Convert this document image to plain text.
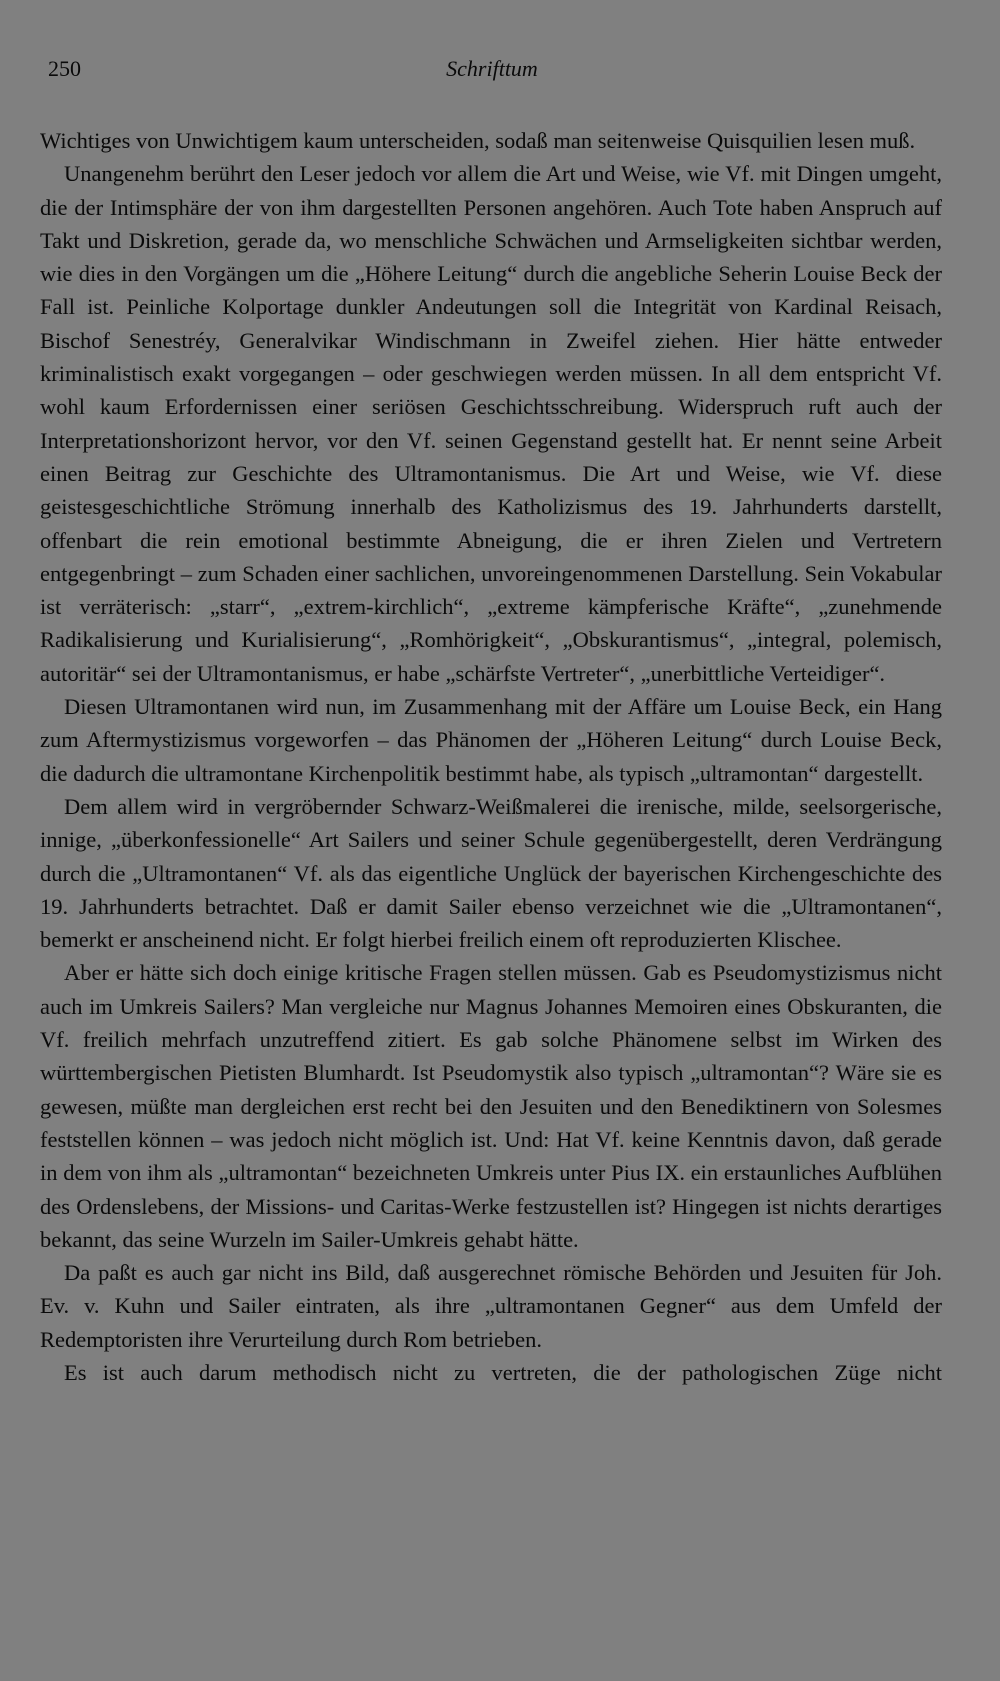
250	Schrifttum

Wichtiges von Unwichtigem kaum unterscheiden, sodaß man seitenweise Quisquilien lesen muß.

Unangenehm berührt den Leser jedoch vor allem die Art und Weise, wie Vf. mit Dingen umgeht, die der Intimsphäre der von ihm dargestellten Personen angehören. Auch Tote haben Anspruch auf Takt und Diskretion, gerade da, wo menschliche Schwächen und Armseligkeiten sichtbar werden, wie dies in den Vorgängen um die „Höhere Leitung“ durch die angebliche Seherin Louise Beck der Fall ist. Peinliche Kolportage dunkler Andeutungen soll die Integrität von Kardinal Reisach, Bischof Senestréy, Generalvikar Windischmann in Zweifel ziehen. Hier hätte entweder kriminalistisch exakt vorgegangen – oder geschwiegen werden müssen. In all dem entspricht Vf. wohl kaum Erfordernissen einer seriösen Geschichtsschreibung. Widerspruch ruft auch der Interpretationshorizont hervor, vor den Vf. seinen Gegenstand gestellt hat. Er nennt seine Arbeit einen Beitrag zur Geschichte des Ultramontanismus. Die Art und Weise, wie Vf. diese geistesgeschichtliche Strömung innerhalb des Katholizismus des 19. Jahrhunderts darstellt, offenbart die rein emotional bestimmte Abneigung, die er ihren Zielen und Vertretern entgegenbringt – zum Schaden einer sachlichen, unvoreingenommenen Darstellung. Sein Vokabular ist verräterisch: „starr“, „extrem-kirchlich“, „extreme kämpferische Kräfte“, „zunehmende Radikalisierung und Kurialisierung“, „Romhörigkeit“, „Obskurantismus“, „integral, polemisch, autoritär“ sei der Ultramontanismus, er habe „schärfste Vertreter“, „unerbittliche Verteidiger“.

Diesen Ultramontanen wird nun, im Zusammenhang mit der Affäre um Louise Beck, ein Hang zum Aftermystizismus vorgeworfen – das Phänomen der „Höheren Leitung“ durch Louise Beck, die dadurch die ultramontane Kirchenpolitik bestimmt habe, als typisch „ultramontan“ dargestellt.

Dem allem wird in vergröbernder Schwarz-Weißmalerei die irenische, milde, seelsorgerische, innige, „überkonfessionelle“ Art Sailers und seiner Schule gegenübergestellt, deren Verdrängung durch die „Ultramontanen“ Vf. als das eigentliche Unglück der bayerischen Kirchengeschichte des 19. Jahrhunderts betrachtet. Daß er damit Sailer ebenso verzeichnet wie die „Ultramontanen“, bemerkt er anscheinend nicht. Er folgt hierbei freilich einem oft reproduzierten Klischee.

Aber er hätte sich doch einige kritische Fragen stellen müssen. Gab es Pseudomystizismus nicht auch im Umkreis Sailers? Man vergleiche nur Magnus Johannes Memoiren eines Obskuranten, die Vf. freilich mehrfach unzutreffend zitiert. Es gab solche Phänomene selbst im Wirken des württembergischen Pietisten Blumhardt. Ist Pseudomystik also typisch „ultramontan“? Wäre sie es gewesen, müßte man dergleichen erst recht bei den Jesuiten und den Benediktinern von Solesmes feststellen können – was jedoch nicht möglich ist. Und: Hat Vf. keine Kenntnis davon, daß gerade in dem von ihm als „ultramontan“ bezeichneten Umkreis unter Pius IX. ein erstaunliches Aufblühen des Ordenslebens, der Missions- und Caritas-Werke festzustellen ist? Hingegen ist nichts derartiges bekannt, das seine Wurzeln im Sailer-Umkreis gehabt hätte.

Da paßt es auch gar nicht ins Bild, daß ausgerechnet römische Behörden und Jesuiten für Joh. Ev. v. Kuhn und Sailer eintraten, als ihre „ultramontanen Gegner“ aus dem Umfeld der Redemptoristen ihre Verurteilung durch Rom betrieben.

Es ist auch darum methodisch nicht zu vertreten, die der pathologischen Züge nicht
